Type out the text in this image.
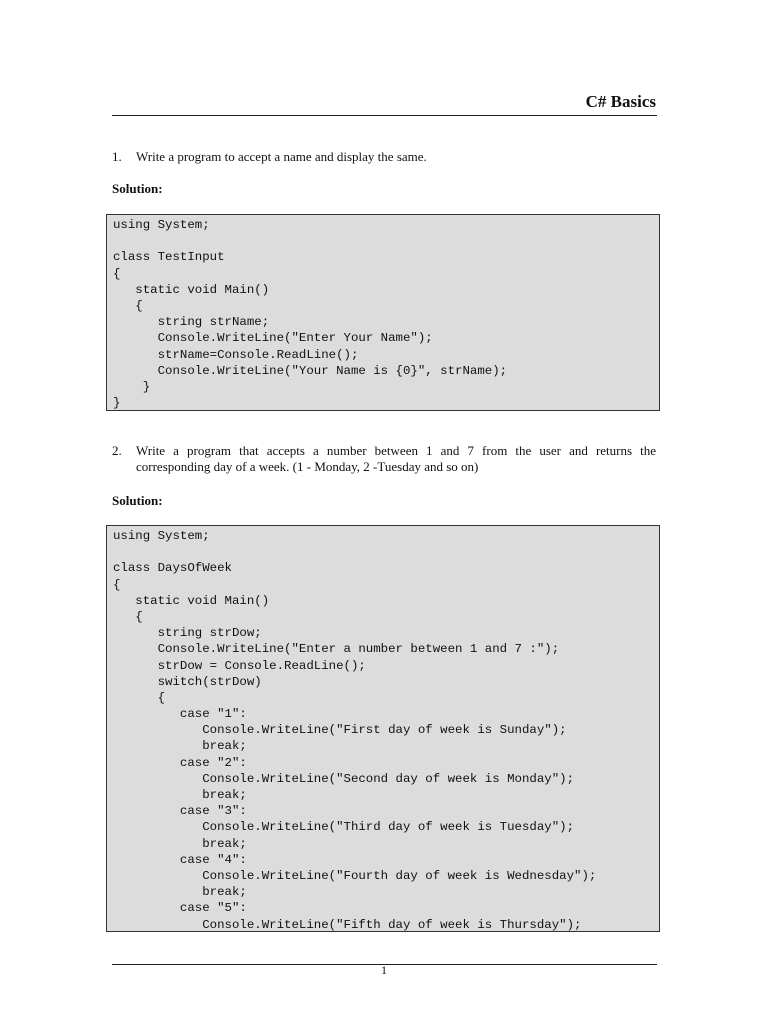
C# Basics
1. Write a program to accept a name and display the same.
Solution:
using System;

class TestInput
{
static void Main()
{
string strName;
Console.WriteLine("Enter Your Name");
strName=Console.ReadLine();
Console.WriteLine("Your Name is {0}", strName);
}
}
2. Write a program that accepts a number between 1 and 7 from the user and returns the corresponding day of a week. (1 - Monday, 2 -Tuesday and so on)
Solution:
using System;

class DaysOfWeek
{
static void Main()
{
string strDow;
Console.WriteLine("Enter a number between 1 and 7 :");
strDow = Console.ReadLine();
switch(strDow)
{
case "1":
Console.WriteLine("First day of week is Sunday");
break;
case "2":
Console.WriteLine("Second day of week is Monday");
break;
case "3":
Console.WriteLine("Third day of week is Tuesday");
break;
case "4":
Console.WriteLine("Fourth day of week is Wednesday");
break;
case "5":
Console.WriteLine("Fifth day of week is Thursday");
1
